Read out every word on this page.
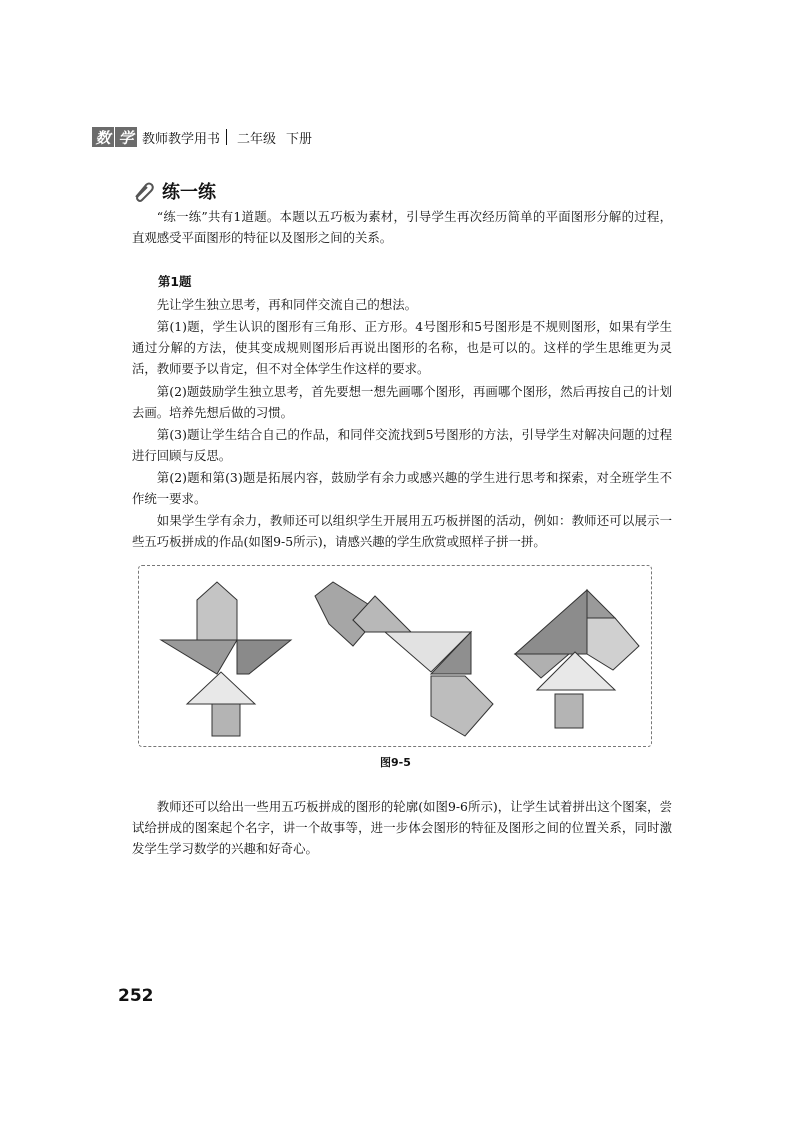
数 学 教师教学用书 二年级 下册
练一练
“练一练”共有1道题。本题以五巧板为素材，引导学生再次经历简单的平面图形分解的过程，直观感受平面图形的特征以及图形之间的关系。
第1题
先让学生独立思考，再和同伴交流自己的想法。
第(1)题，学生认识的图形有三角形、正方形。4号图形和5号图形是不规则图形，如果有学生通过分解的方法，使其变成规则图形后再说出图形的名称，也是可以的。这样的学生思维更为灵活，教师要予以肯定，但不对全体学生作这样的要求。
第(2)题鼓励学生独立思考，首先要想一想先画哪个图形，再画哪个图形，然后再按自己的计划去画。培养先想后做的习惯。
第(3)题让学生结合自己的作品，和同伴交流找到5号图形的方法，引导学生对解决问题的过程进行回顾与反思。
第(2)题和第(3)题是拓展内容，鼓励学有余力或感兴趣的学生进行思考和探索，对全班学生不作统一要求。
如果学生学有余力，教师还可以组织学生开展用五巧板拼图的活动，例如：教师还可以展示一些五巧板拼成的作品(如图9-5所示)，请感兴趣的学生欣赏或照样子拼一拼。
图9-5
教师还可以给出一些用五巧板拼成的图形的轮廓(如图9-6所示)，让学生试着拼出这个图案，尝试给拼成的图案起个名字，讲一个故事等，进一步体会图形的特征及图形之间的位置关系，同时激发学生学习数学的兴趣和好奇心。
252
